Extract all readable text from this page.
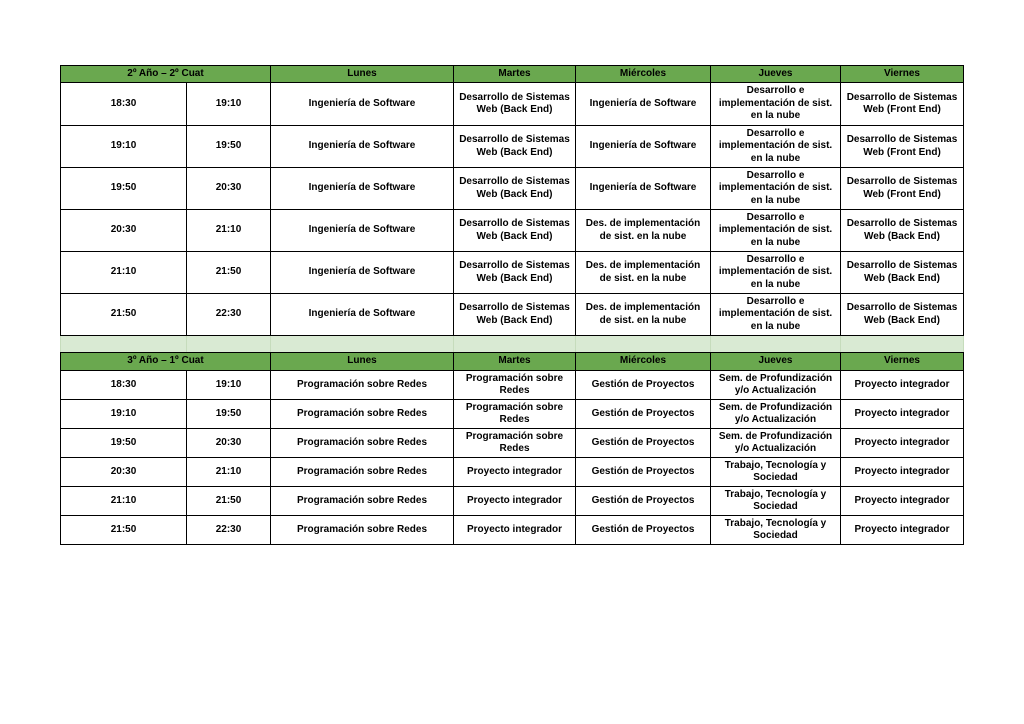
2º Año – 2º Cuat		Lunes	Martes	Miércoles	Jueves	Viernes
18:30	19:10	Ingeniería de Software	Desarrollo de Sistemas
Web (Back End)	Ingeniería de Software	Desarrollo e
implementación de sist.
en la nube	Desarrollo de Sistemas
Web (Front End)
19:10	19:50	Ingeniería de Software	Desarrollo de Sistemas
Web (Back End)	Ingeniería de Software	Desarrollo e
implementación de sist.
en la nube	Desarrollo de Sistemas
Web (Front End)
19:50	20:30	Ingeniería de Software	Desarrollo de Sistemas
Web (Back End)	Ingeniería de Software	Desarrollo e
implementación de sist.
en la nube	Desarrollo de Sistemas
Web (Front End)
20:30	21:10	Ingeniería de Software	Desarrollo de Sistemas
Web (Back End)	Des. de implementación
de sist. en la nube	Desarrollo e
implementación de sist.
en la nube	Desarrollo de Sistemas
Web (Back End)
21:10	21:50	Ingeniería de Software	Desarrollo de Sistemas
Web (Back End)	Des. de implementación
de sist. en la nube	Desarrollo e
implementación de sist.
en la nube	Desarrollo de Sistemas
Web (Back End)
21:50	22:30	Ingeniería de Software	Desarrollo de Sistemas
Web (Back End)	Des. de implementación
de sist. en la nube	Desarrollo e
implementación de sist.
en la nube	Desarrollo de Sistemas
Web (Back End)

3º Año – 1º Cuat		Lunes	Martes	Miércoles	Jueves	Viernes
18:30	19:10	Programación sobre Redes	Programación sobre
Redes	Gestión de Proyectos	Sem. de Profundización
y/o Actualización	Proyecto integrador
19:10	19:50	Programación sobre Redes	Programación sobre
Redes	Gestión de Proyectos	Sem. de Profundización
y/o Actualización	Proyecto integrador
19:50	20:30	Programación sobre Redes	Programación sobre
Redes	Gestión de Proyectos	Sem. de Profundización
y/o Actualización	Proyecto integrador
20:30	21:10	Programación sobre Redes	Proyecto integrador	Gestión de Proyectos	Trabajo, Tecnología y
Sociedad	Proyecto integrador
21:10	21:50	Programación sobre Redes	Proyecto integrador	Gestión de Proyectos	Trabajo, Tecnología y
Sociedad	Proyecto integrador
21:50	22:30	Programación sobre Redes	Proyecto integrador	Gestión de Proyectos	Trabajo, Tecnología y
Sociedad	Proyecto integrador
